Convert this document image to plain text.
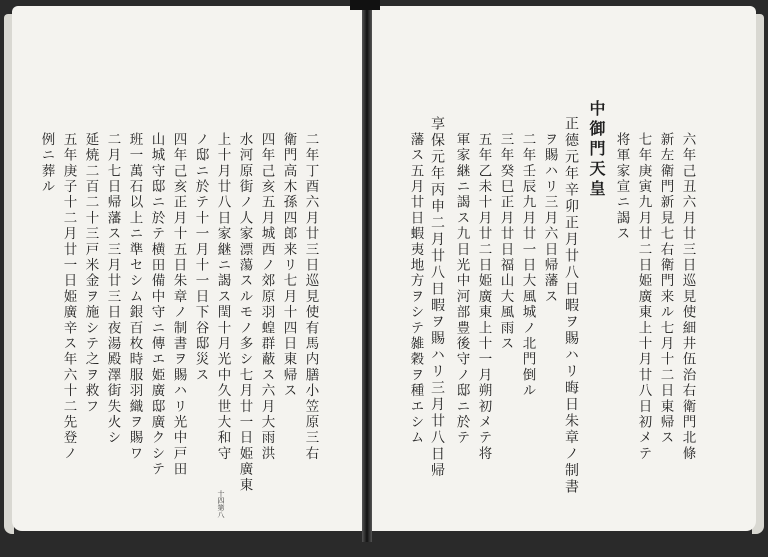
二年丁酉六月廿三日巡見使有馬内膳小笠原三右
衛門高木孫四郎来リ七月十四日東帰ス
四年己亥五月城西ノ郊原羽蝗群蔽ス六月大雨洪
水河原街ノ人家漂蕩スルモノ多シ七月廿一日姫廣東
上十月廿八日家継ニ謁ス閏十月光中久世大和守
ノ邸ニ於テ十一月十一日下谷邸災ス
四年己亥正月十五日朱章ノ制書ヲ賜ハリ光中戸田
山城守邸ニ於テ横田備中守ニ傳エ姫廣邸廣クシテ
班一萬石以上ニ準セシム銀百枚時服羽織ヲ賜ワ
二月七日帰藩ス三月廿三日夜湯殿澤街失火シ
延焼二百二十三戸米金ヲ施シテ之ヲ救フ
五年庚子十二月廿一日姫廣辛ス年六十二先登ノ
例ニ葬ル
十四第八
六年己丑六月廿三日巡見使細井伍治右衛門北條
新左衛門新見七右衛門来ル七月十二日東帰ス
七年庚寅九月廿二日姫廣東上十月廿八日初メテ
将軍家宣ニ謁ス
中御門天皇
正德元年辛卯正月廿八日暇ヲ賜ハリ晦日朱章ノ制書
ヲ賜ハリ三月六日帰藩ス
二年壬辰九月廿一日大風城ノ北門倒ル
三年癸巳正月廿日福山大風雨ス
五年乙未十月廿二日姫廣東上十一月朔初メテ将
軍家継ニ謁ス九日光中河部豊後守ノ邸ニ於テ
享保元年丙申二月廿八日暇ヲ賜ハリ三月廿八日帰
藩ス五月廿日蝦夷地方ヲシテ雑穀ヲ種エシム
